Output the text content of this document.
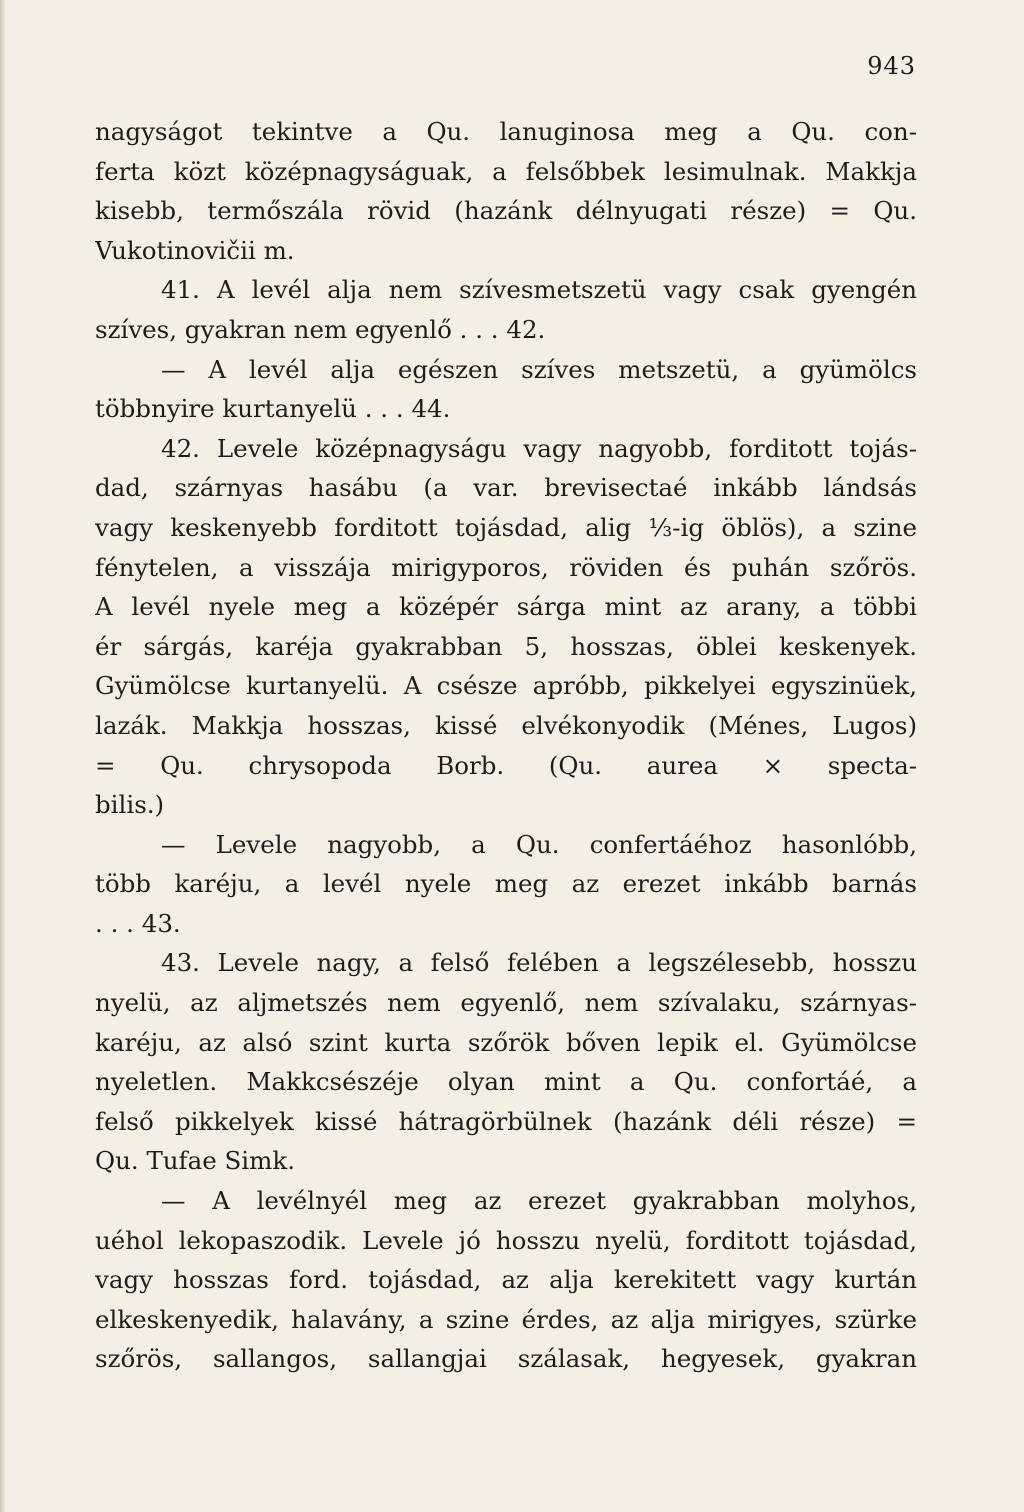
943
nagyságot tekintve a Qu. lanuginosa meg a Qu. con-
ferta közt középnagyságuak, a felsőbbek lesimulnak. Makkja
kisebb, termőszála rövid (hazánk délnyugati része) = Qu.
Vukotinovičii m.
41. A levél alja nem szívesmetszetü vagy csak gyengén
szíves, gyakran nem egyenlő . . . 42.
— A levél alja egészen szíves metszetü, a gyümölcs
többnyire kurtanyelü . . . 44.
42. Levele középnagyságu vagy nagyobb, forditott tojás-
dad, szárnyas hasábu (a var. brevisectaé inkább lándsás
vagy keskenyebb forditott tojásdad, alig ⅓-ig öblös), a szine
fénytelen, a visszája mirigyporos, röviden és puhán szőrös.
A levél nyele meg a középér sárga mint az arany, a többi
ér sárgás, karéja gyakrabban 5, hosszas, öblei keskenyek.
Gyümölcse kurtanyelü. A csésze apróbb, pikkelyei egyszinüek,
lazák. Makkja hosszas, kissé elvékonyodik (Ménes, Lugos)
= Qu. chrysopoda Borb. (Qu. aurea × specta-
bilis.)
— Levele nagyobb, a Qu. confertáéhoz hasonlóbb,
több karéju, a levél nyele meg az erezet inkább barnás
. . . 43.
43. Levele nagy, a felső felében a legszélesebb, hosszu
nyelü, az aljmetszés nem egyenlő, nem szívalaku, szárnyas-
karéju, az alsó szint kurta szőrök bőven lepik el. Gyümölcse
nyeletlen. Makkcsészéje olyan mint a Qu. confortáé, a
felső pikkelyek kissé hátragörbülnek (hazánk déli része) =
Qu. Tufae Simk.
— A levélnyél meg az erezet gyakrabban molyhos,
uéhol lekopaszodik. Levele jó hosszu nyelü, forditott tojásdad,
vagy hosszas ford. tojásdad, az alja kerekitett vagy kurtán
elkeskenyedik, halavány, a szine érdes, az alja mirigyes, szürke
szőrös, sallangos, sallangjai szálasak, hegyesek, gyakran
